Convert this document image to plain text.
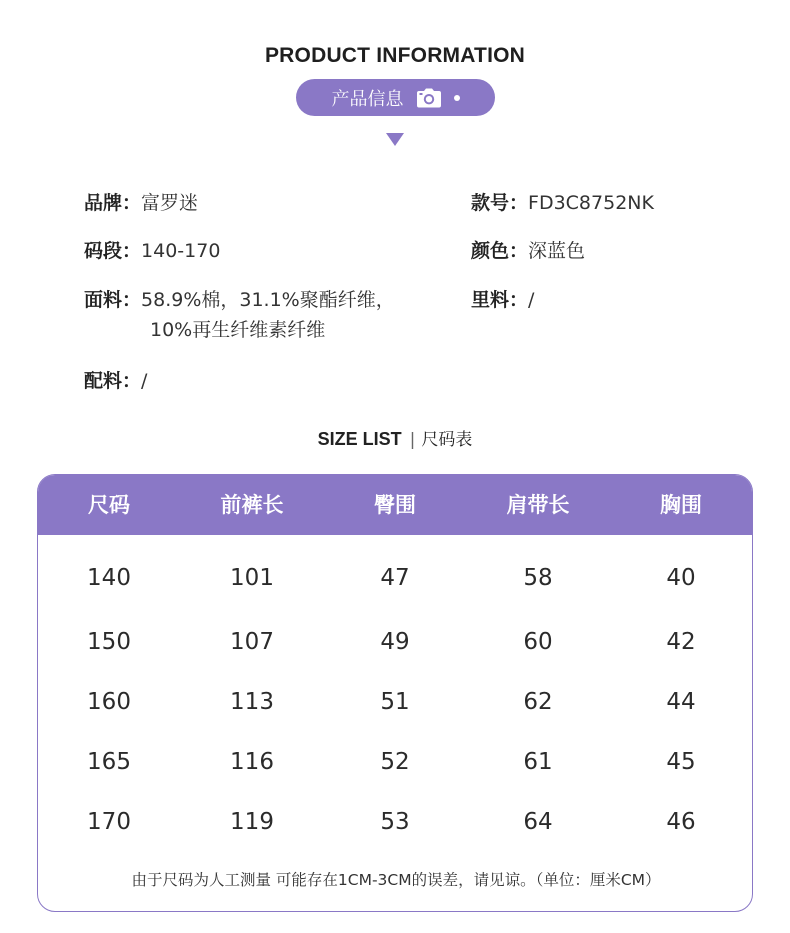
PRODUCT INFORMATION
产品信息
品牌：富罗迷	款号：FD3C8752NK
码段：140-170	颜色：深蓝色
面料：58.9%棉，31.1%聚酯纤维，
10%再生纤维素纤维
里料：/
配料：/
SIZE LIST | 尺码表
尺码	前裤长	臀围	肩带长	胸围
140	101	47	58	40
150	107	49	60	42
160	113	51	62	44
165	116	52	61	45
170	119	53	64	46
由于尺码为人工测量 可能存在1CM-3CM的误差，请见谅。（单位：厘米CM）
